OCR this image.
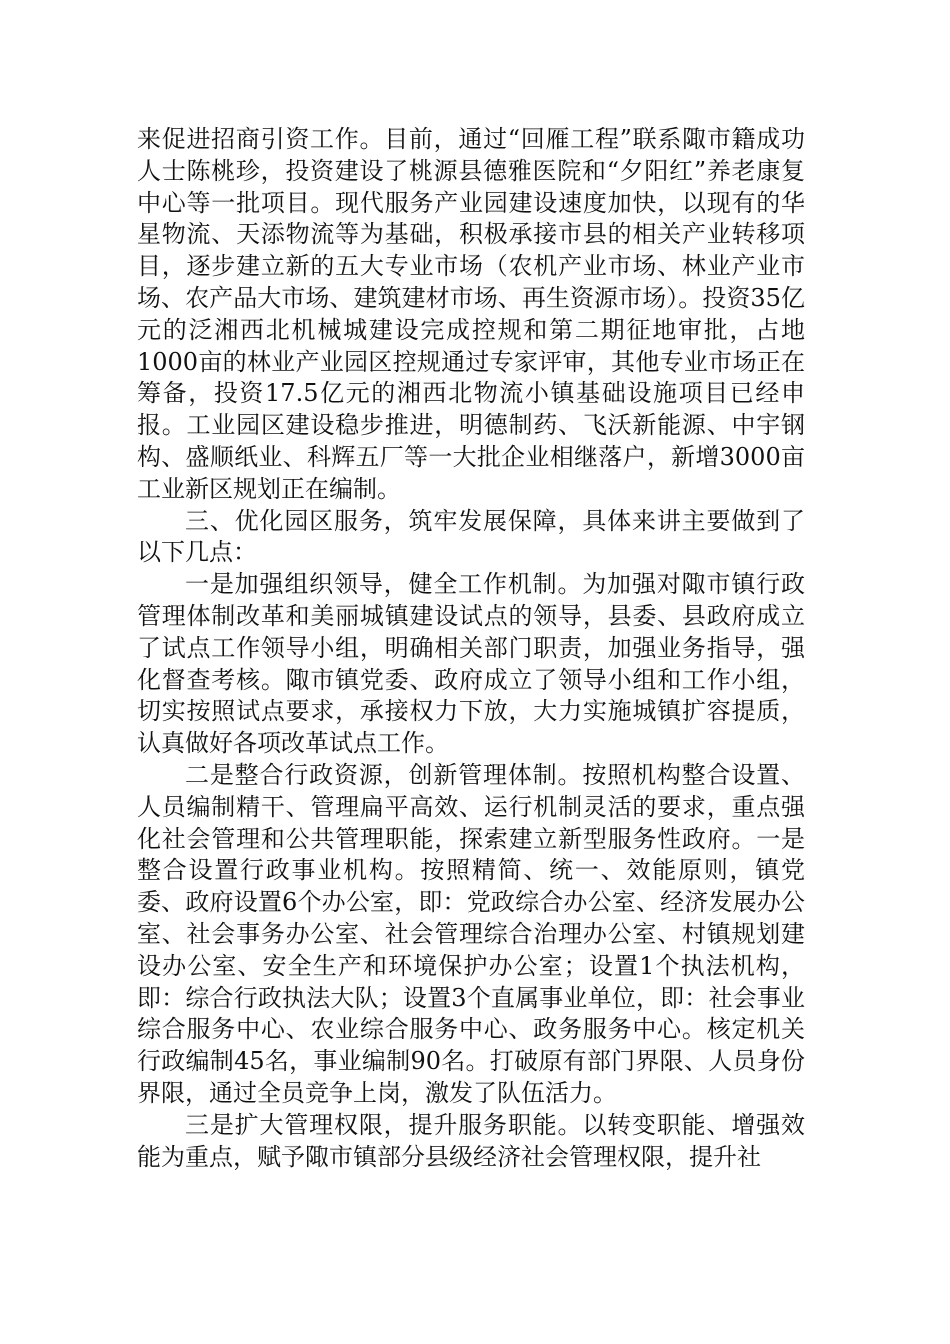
来促进招商引资工作。目前，通过“回雁工程”联系陬市籍成功人士陈桃珍，投资建设了桃源县德雅医院和“夕阳红”养老康复中心等一批项目。现代服务产业园建设速度加快，以现有的华星物流、天添物流等为基础，积极承接市县的相关产业转移项目，逐步建立新的五大专业市场（农机产业市场、林业产业市场、农产品大市场、建筑建材市场、再生资源市场）。投资35亿元的泛湘西北机械城建设完成控规和第二期征地审批，占地1000亩的林业产业园区控规通过专家评审，其他专业市场正在筹备，投资17.5亿元的湘西北物流小镇基础设施项目已经申报。工业园区建设稳步推进，明德制药、飞沃新能源、中宇钢构、盛顺纸业、科辉五厂等一大批企业相继落户，新增3000亩工业新区规划正在编制。

三、优化园区服务，筑牢发展保障，具体来讲主要做到了以下几点：

一是加强组织领导，健全工作机制。为加强对陬市镇行政管理体制改革和美丽城镇建设试点的领导，县委、县政府成立了试点工作领导小组，明确相关部门职责，加强业务指导，强化督查考核。陬市镇党委、政府成立了领导小组和工作小组，切实按照试点要求，承接权力下放，大力实施城镇扩容提质，认真做好各项改革试点工作。

二是整合行政资源，创新管理体制。按照机构整合设置、人员编制精干、管理扁平高效、运行机制灵活的要求，重点强化社会管理和公共管理职能，探索建立新型服务性政府。一是整合设置行政事业机构。按照精简、统一、效能原则，镇党委、政府设置6个办公室，即：党政综合办公室、经济发展办公室、社会事务办公室、社会管理综合治理办公室、村镇规划建设办公室、安全生产和环境保护办公室；设置1个执法机构，即：综合行政执法大队；设置3个直属事业单位，即：社会事业综合服务中心、农业综合服务中心、政务服务中心。核定机关行政编制45名，事业编制90名。打破原有部门界限、人员身份界限，通过全员竞争上岗，激发了队伍活力。

三是扩大管理权限，提升服务职能。以转变职能、增强效能为重点，赋予陬市镇部分县级经济社会管理权限，提升社
